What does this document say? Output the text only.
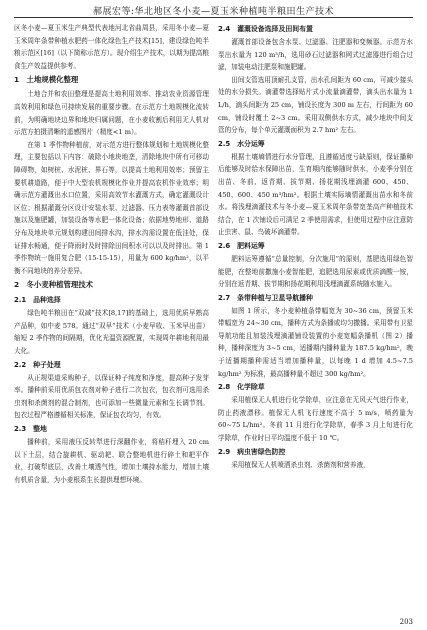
郝展宏等:华北地区冬小麦—夏玉米种植吨半粮田生产技术

区冬小麦—夏玉米生产典型代表地河北省曲周县，采用冬小麦—夏玉米周年条带种植水肥药一体化绿色生产技术[15]，建设绿色吨半粮示范区[16]（以下简称示范方）。现介绍生产技术，以期为提高粮食生产效益提供参考。

1　土地规模化整理

土地合并和农田整理是提高土地利用效率、推动农业资源管理高效利用和绿色可持续发展的重要步骤。在示范方土地规模化流转前，为明确地块边界和地块归属问题，在小麦收割后利用无人机对示范方拍摄清晰的遥感图片（精度<1 m）。

在第 1 季作物种植前，对示范方进行整体规划和土地规模化整理，主要包括以下内容：破除小地块地垄，清除地块中所有可移动障碍物，如树桩、水泥桩、界石等，以提高土地利用效率；预留主要机耕道路，便于中大型农机规模化作业并提高农机作业效率；明确示范方灌溉出水口位置，采用高效节水灌溉方式，确定灌溉设计区位；根据灌溉分区设计安装水泵、过滤器、压力表等灌溉首部设施以及施肥罐，加装设备等水肥一体化设备；依据地势地形、道路分布及地块单元规划构建田间排水沟，排水沟需设置在低洼处，保证排水畅通，便于降雨时及时排除田间积水可以以及时排出。第 1 季作物统一施用复合肥（15-15-15），用量为 600 kg/hm²，以平衡不同地块的养分差异。

2　冬小麦种植管理技术
2.1　品种选择

绿色吨半粮田在“双减”技术[8,17]的基础上，选用优质早熟高产品种，如中麦 578。通过“双早”技术（小麦早收、玉米早出苗）缩短 2 季作物的间隔期，优化光温资源配置，实现周年耕地利用最大化。

2.2　种子处理

从正规渠道采购种子，以保证种子纯度和净度，提高种子发芽率。播种前采用优质包衣剂对种子进行二次包衣，包衣剂可选用杀虫剂和杀菌剂的混合制剂，也可添加一些微量元素和生长调节剂。包衣过程严格遵循相关标准，保证包衣均匀，有效。

2.3　整地

播种前，采用液压反转犁进行深翻作业，将秸秆埋入 20 cm 以下土层，结合旋耕机、驱动耙、联合整地机进行碎土和耙平作业，打破犁底层，改善土壤透气性，增加土壤持水能力，增加土壤有机质含量，为小麦根系生长提供理想环境。

2.4　灌溉设备选择及田间布置

灌溉首部设备包含水泵、过滤器、注肥器和变频器。示范方水泵出水量为 120 m³/h，选用砂石过滤器和网式过滤器进行组合过滤，加装电动注肥泵和施肥罐。

田间支管选用顶耐孔支管，出水孔间距为 60 cm，可减少接头处的水分损失。滴灌带选择贴片式小流量滴灌带，滴头出水量为 1 L/h，滴头间距为 25 cm，铺设长度为 300 m 左右，行间距为 60 cm，铺设时覆土 2~3 cm。采用双侧供水方式，减少地块中间支管的分布，每个单元灌溉面积为 2.7 hm² 左右。

2.5　水分运筹

根据土壤墒情进行水分管理，且遵循适度亏缺原则，保证播种后能够及时给水保障出苗，生育期内能够随时供水，小麦季分别在出苗、冬前、返青期、拔节期、扬花期浅埋滴灌 600、450、450、600、450 m³/hm²。根据土壤实际墒情灌溉出苗水和冬前水。将浅埋滴灌技术与冬小麦—夏玉米周年条带宽垄高产种植技术结合，在 1 次铺设后可满足 2 季使用需求，但使用过程中应注意防止虫害、鼠、鸟破坏滴灌带。

2.6　肥料运筹

肥料运筹遵循“总量控制，分次施用”的原则，基肥选用绿色智能肥，在整地前撒施小麦智能肥，追肥选用尿素或优质滴酸一铵，分别在返青期、拔节期和扬花期利用浅埋滴灌系统随水施入。

2.7　条带种植与卫星导航播种

如图 1 所示，冬小麦种植条带幅宽为 30~36 cm，预留玉米带幅宽为 24~30 cm，播种方式为条播或均匀撒播。采用带有卫星导航功能且加装浅埋滴灌铺设装置的小麦宽幅条播机（图 2）播种，播种深度为 3~5 cm，适播期内播种量为 187.5 kg/hm²，晚于适播期播种需适当增加播种量，以每晚 1 d 增加 4.5~7.5 kg/hm² 为标准，最高播种量不超过 300 kg/hm²。

2.8　化学除草

采用植保无人机进行化学除草，应注意在无风天气进行作业，防止药液漂移。植保无人机飞行速度不高于 5 m/s，喷药量为 60~75 L/hm²。冬前 11 月进行化学除草，春季 3 月上旬进行化学除草，作业时日平均温度不低于 10 ℃。

2.9　病虫害绿色防控

采用植保无人机喷洒杀虫剂、杀菌剂和营养液，

203
